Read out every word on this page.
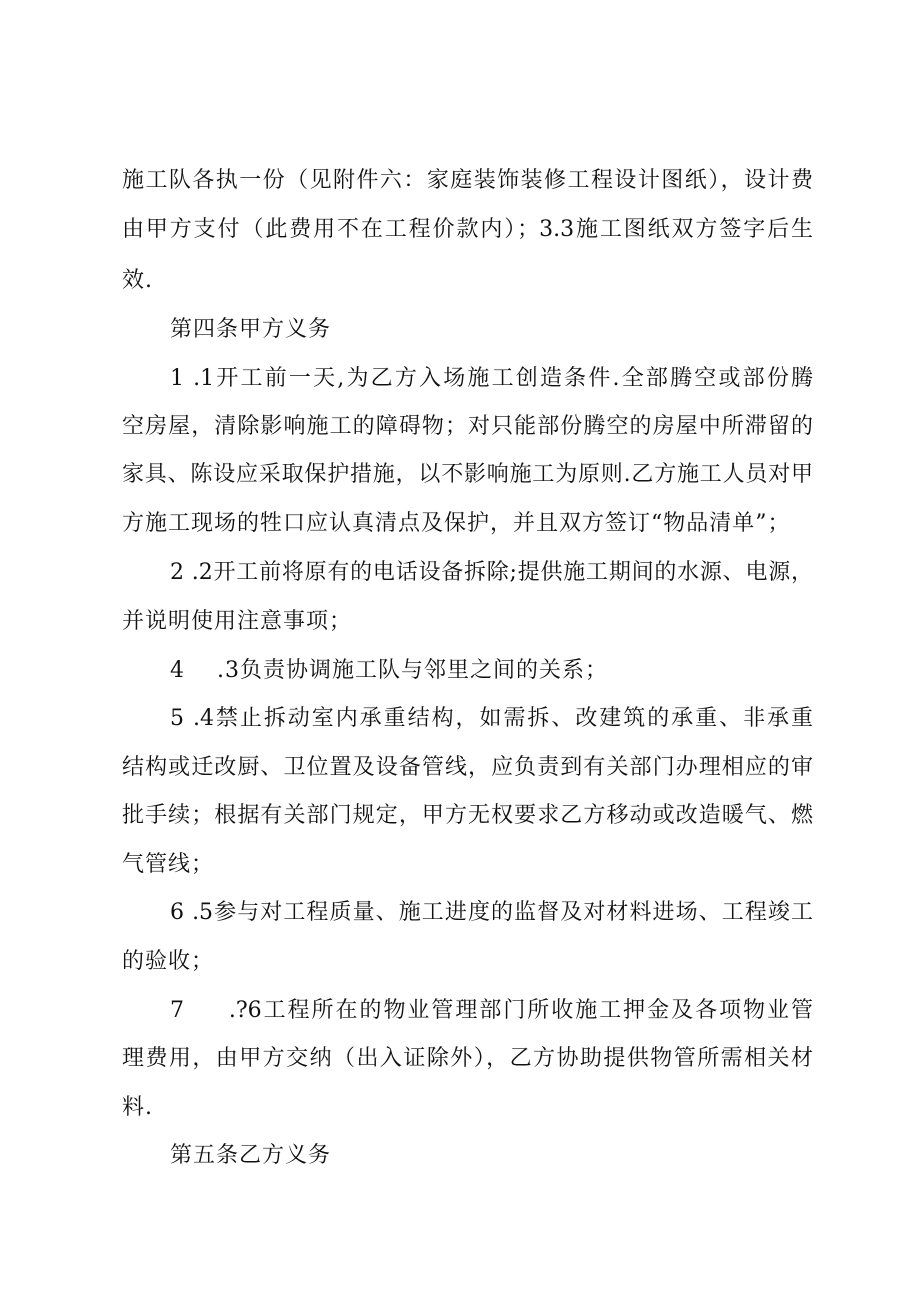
施工队各执一份（见附件六：家庭装饰装修工程设计图纸），设计费
由甲方支付（此费用不在工程价款内）；3.3施工图纸双方签字后生
效.
第四条甲方义务
1 .1开工前一天,为乙方入场施工创造条件.全部腾空或部份腾
空房屋，清除影响施工的障碍物；对只能部份腾空的房屋中所滞留的
家具、陈设应采取保护措施，以不影响施工为原则.乙方施工人员对甲
方施工现场的牲口应认真清点及保护，并且双方签订“物品清单”；
2 .2开工前将原有的电话设备拆除;提供施工期间的水源、电源，
并说明使用注意事项；
4    .3负责协调施工队与邻里之间的关系；
5 .4禁止拆动室内承重结构，如需拆、改建筑的承重、非承重
结构或迁改厨、卫位置及设备管线，应负责到有关部门办理相应的审
批手续；根据有关部门规定，甲方无权要求乙方移动或改造暖气、燃
气管线；
6 .5参与对工程质量、施工进度的监督及对材料进场、工程竣工
的验收；
7     .?6工程所在的物业管理部门所收施工押金及各项物业管
理费用，由甲方交纳（出入证除外），乙方协助提供物管所需相关材
料.
第五条乙方义务
